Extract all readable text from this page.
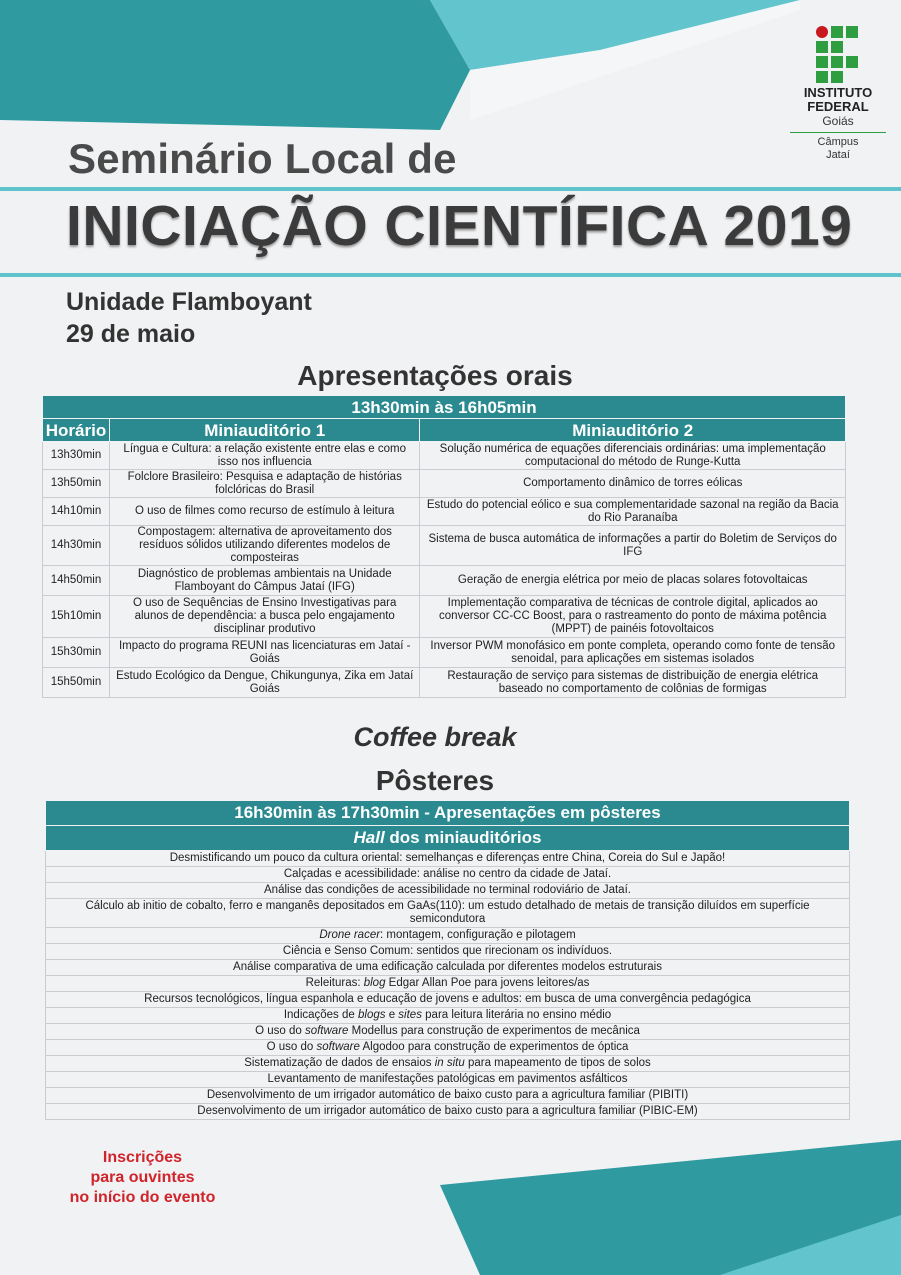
INSTITUTO
FEDERAL
Goiás
Câmpus
Jataí
Seminário Local de
INICIAÇÃO CIENTÍFICA 2019
Unidade Flamboyant
29 de maio
Apresentações orais
13h30min às 16h05min		
Horário	Miniauditório 1	Miniauditório 2
13h30min	Língua e Cultura: a relação existente entre elas e como isso nos influencia	Solução numérica de equações diferenciais ordinárias: uma implementação computacional do método de Runge-Kutta
13h50min	Folclore Brasileiro: Pesquisa e adaptação de histórias folclóricas do Brasil	Comportamento dinâmico de torres eólicas
14h10min	O uso de filmes como recurso de estímulo à leitura	Estudo do potencial eólico e sua complementaridade sazonal na região da Bacia do Rio Paranaíba
14h30min	Compostagem: alternativa de aproveitamento dos resíduos sólidos utilizando diferentes modelos de composteiras	Sistema de busca automática de informações a partir do Boletim de Serviços do IFG
14h50min	Diagnóstico de problemas ambientais na Unidade Flamboyant do Câmpus Jataí (IFG)	Geração de energia elétrica por meio de placas solares fotovoltaicas
15h10min	O uso de Sequências de Ensino Investigativas para alunos de dependência: a busca pelo engajamento disciplinar produtivo	Implementação comparativa de técnicas de controle digital, aplicados ao conversor CC-CC Boost, para o rastreamento do ponto de máxima potência (MPPT) de painéis fotovoltaicos
15h30min	Impacto do programa REUNI nas licenciaturas em Jataí - Goiás	Inversor PWM monofásico em ponte completa, operando como fonte de tensão senoidal, para aplicações em sistemas isolados
15h50min	Estudo Ecológico da Dengue, Chikungunya, Zika em Jataí Goiás	Restauração de serviço para sistemas de distribuição de energia elétrica baseado no comportamento de colônias de formigas
Coffee break
Pôsteres
16h30min às 17h30min - Apresentações em pôsteres
Hall dos miniauditórios
Desmistificando um pouco da cultura oriental: semelhanças e diferenças entre China, Coreia do Sul e Japão!
Calçadas e acessibilidade: análise no centro da cidade de Jataí.
Análise das condições de acessibilidade no terminal rodoviário de Jataí.
Cálculo ab initio de cobalto, ferro e manganês depositados em GaAs(110): um estudo detalhado de metais de transição diluídos em superfície semicondutora
Drone racer: montagem, configuração e pilotagem
Ciência e Senso Comum: sentidos que rirecionam os indivíduos.
Análise comparativa de uma edificação calculada por diferentes modelos estruturais
Releituras: blog Edgar Allan Poe para jovens leitores/as
Recursos tecnológicos, língua espanhola e educação de jovens e adultos: em busca de uma convergência pedagógica
Indicações de blogs e sites para leitura literária no ensino médio
O uso do software Modellus para construção de experimentos de mecânica
O uso do software Algodoo para construção de experimentos de óptica
Sistematização de dados de ensaios in situ para mapeamento de tipos de solos
Levantamento de manifestações patológicas em pavimentos asfálticos
Desenvolvimento de um irrigador automático de baixo custo para a agricultura familiar (PIBITI)
Desenvolvimento de um irrigador automático de baixo custo para a agricultura familiar (PIBIC-EM)
Inscrições
para ouvintes
no início do evento
